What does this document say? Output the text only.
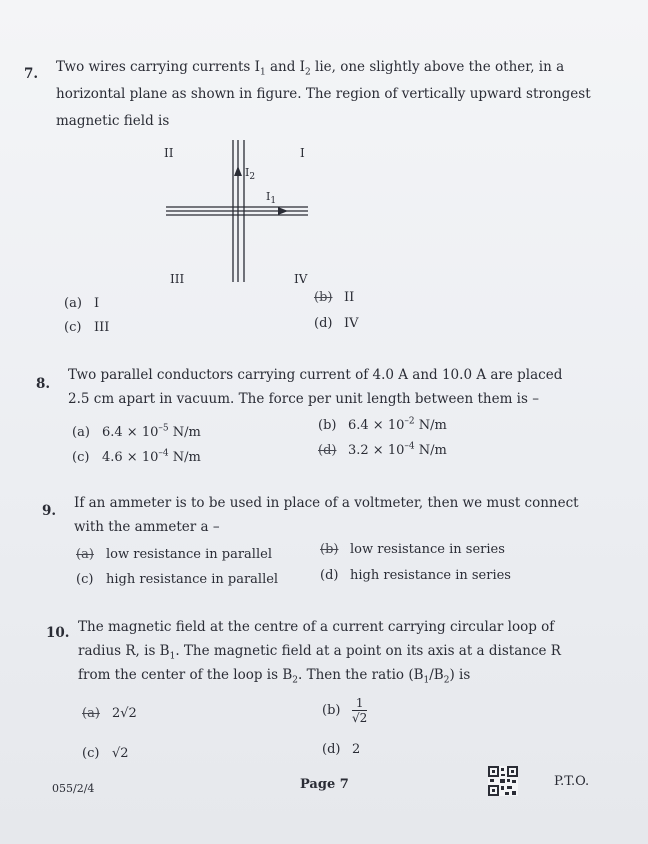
7. Two wires carrying currents $I_1$ and $I_2$ lie, one slightly above the other, in a
horizontal plane as shown in figure. The region of vertically upward strongest
magnetic field is
II	I
III	IV
$I_2$
$I_1$
(a) I	(b) II
(c) III	(d) IV
8.
Two parallel conductors carrying current of 4.0 A and 10.0 A are placed
2.5 cm apart in vacuum. The force per unit length between them is –
(a) $6.4 \times 10^{-5}$ N/m	(b) $6.4 \times 10^{-2}$ N/m
(c) $4.6 \times 10^{-4}$ N/m	(d) $3.2 \times 10^{-4}$ N/m
9. If an ammeter is to be used in place of a voltmeter, then we must connect
with the ammeter a –
(a) low resistance in parallel	(b) low resistance in series
(c) high resistance in parallel	(d) high resistance in series
10. The magnetic field at the centre of a current carrying circular loop of
radius R, is $B_1$. The magnetic field at a point on its axis at a distance R
from the center of the loop is $B_2$. Then the ratio $(B_1/B_2)$ is
(a) 2√2	$(b) \frac{1}{√2}$
(c) √2	(d) 2
055/2/4	Page 7	P.T.O.
